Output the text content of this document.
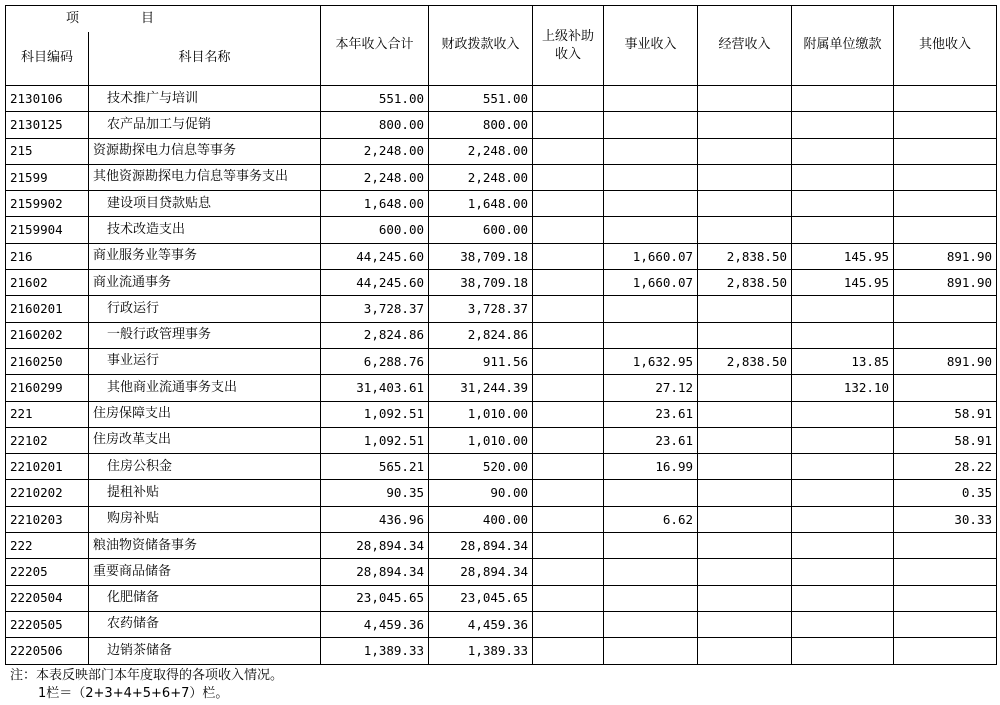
项　　目		本年收入合计	财政拨款收入	上级补助收入	事业收入	经营收入	附属单位缴款	其他收入
科目编码	科目名称							
2130106	技术推广与培训	551.00	551.00					
2130125	农产品加工与促销	800.00	800.00					
215	资源勘探电力信息等事务	2,248.00	2,248.00					
21599	其他资源勘探电力信息等事务支出	2,248.00	2,248.00					
2159902	建设项目贷款贴息	1,648.00	1,648.00					
2159904	技术改造支出	600.00	600.00					
216	商业服务业等事务	44,245.60	38,709.18		1,660.07	2,838.50	145.95	891.90
21602	商业流通事务	44,245.60	38,709.18		1,660.07	2,838.50	145.95	891.90
2160201	行政运行	3,728.37	3,728.37					
2160202	一般行政管理事务	2,824.86	2,824.86					
2160250	事业运行	6,288.76	911.56		1,632.95	2,838.50	13.85	891.90
2160299	其他商业流通事务支出	31,403.61	31,244.39		27.12		132.10	
221	住房保障支出	1,092.51	1,010.00		23.61			58.91
22102	住房改革支出	1,092.51	1,010.00		23.61			58.91
2210201	住房公积金	565.21	520.00		16.99			28.22
2210202	提租补贴	90.35	90.00					0.35
2210203	购房补贴	436.96	400.00		6.62			30.33
222	粮油物资储备事务	28,894.34	28,894.34					
22205	重要商品储备	28,894.34	28,894.34					
2220504	化肥储备	23,045.65	23,045.65					
2220505	农药储备	4,459.36	4,459.36					
2220506	边销茶储备	1,389.33	1,389.33					
注：本表反映部门本年度取得的各项收入情况。
1栏＝（2+3+4+5+6+7）栏。
